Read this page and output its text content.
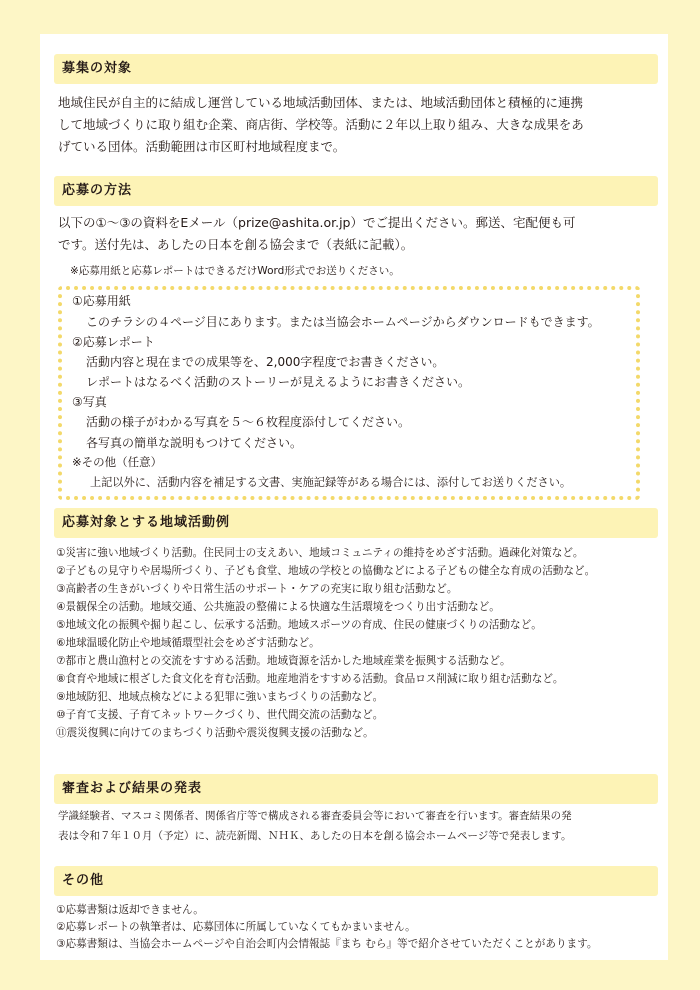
募集の対象
地域住民が自主的に結成し運営している地域活動団体、または、地域活動団体と積極的に連携
して地域づくりに取り組む企業、商店街、学校等。活動に２年以上取り組み、大きな成果をあ
げている団体。活動範囲は市区町村地域程度まで。
応募の方法
以下の①～③の資料をEメール（prize@ashita.or.jp）でご提出ください。郵送、宅配便も可
です。送付先は、あしたの日本を創る協会まで（表紙に記載）。
※応募用紙と応募レポートはできるだけWord形式でお送りください。
①応募用紙
このチラシの４ページ目にあります。または当協会ホームページからダウンロードもできます。
②応募レポート
活動内容と現在までの成果等を、2,000字程度でお書きください。
レポートはなるべく活動のストーリーが見えるようにお書きください。
③写真
活動の様子がわかる写真を５～６枚程度添付してください。
各写真の簡単な説明もつけてください。
※その他（任意）
上記以外に、活動内容を補足する文書、実施記録等がある場合には、添付してお送りください。
応募対象とする地域活動例
①災害に強い地域づくり活動。住民同士の支えあい、地域コミュニティの維持をめざす活動。過疎化対策など。
②子どもの見守りや居場所づくり、子ども食堂、地域の学校との協働などによる子どもの健全な育成の活動など。
③高齢者の生きがいづくりや日常生活のサポート・ケアの充実に取り組む活動など。
④景観保全の活動。地域交通、公共施設の整備による快適な生活環境をつくり出す活動など。
⑤地域文化の振興や掘り起こし、伝承する活動。地域スポーツの育成、住民の健康づくりの活動など。
⑥地球温暖化防止や地域循環型社会をめざす活動など。
⑦都市と農山漁村との交流をすすめる活動。地域資源を活かした地域産業を振興する活動など。
⑧食育や地域に根ざした食文化を育む活動。地産地消をすすめる活動。食品ロス削減に取り組む活動など。
⑨地域防犯、地域点検などによる犯罪に強いまちづくりの活動など。
⑩子育て支援、子育てネットワークづくり、世代間交流の活動など。
⑪震災復興に向けてのまちづくり活動や震災復興支援の活動など。
審査および結果の発表
学識経験者、マスコミ関係者、関係省庁等で構成される審査委員会等において審査を行います。審査結果の発
表は令和７年１０月（予定）に、読売新聞、ＮＨＫ、あしたの日本を創る協会ホームページ等で発表します。
その他
①応募書類は返却できません。
②応募レポートの執筆者は、応募団体に所属していなくてもかまいません。
③応募書類は、当協会ホームページや自治会町内会情報誌『まち むら』等で紹介させていただくことがあります。
